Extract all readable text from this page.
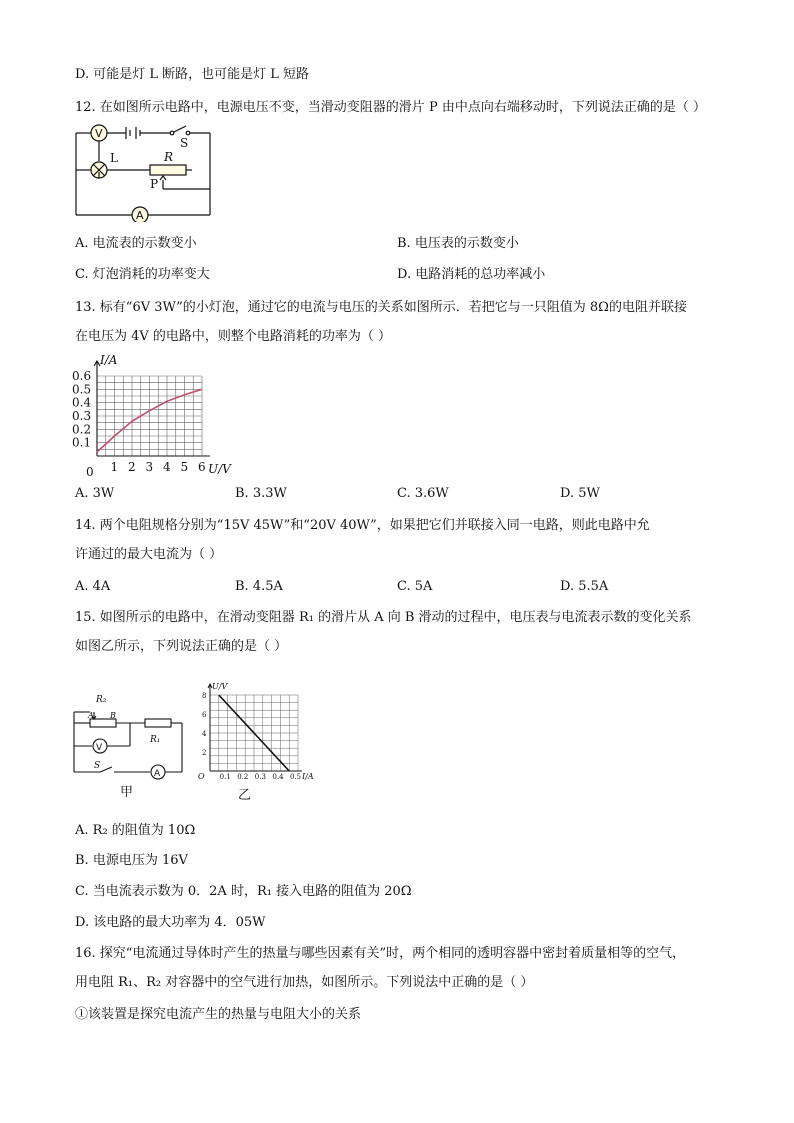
D. 可能是灯 L 断路，也可能是灯 L 短路
12. 在如图所示电路中，电源电压不变，当滑动变阻器的滑片 P 由中点向右端移动时，下列说法正确的是（ ）
V
L
S
R
P
A
A. 电流表的示数变小	B. 电压表的示数变小
C. 灯泡消耗的功率变大	D. 电路消耗的总功率减小
13. 标有“6V 3W”的小灯泡，通过它的电流与电压的关系如图所示．若把它与一只阻值为 8Ω的电阻并联接
在电压为 4V 的电路中，则整个电路消耗的功率为（ ）
1 2 3 4 5 6
0.1
0.2
0.3
0.4
0.5
0.6
0
I/A
U/V
A. 3W	B. 3.3W	C. 3.6W	D. 5W
14. 两个电阻规格分别为“15V 45W”和“20V 40W”，如果把它们并联接入同一电路，则此电路中允
许通过的最大电流为（ ）
A. 4A	B. 4.5A	C. 5A	D. 5.5A
15. 如图所示的电路中，在滑动变阻器 R₁ 的滑片从 A 向 B 滑动的过程中，电压表与电流表示数的变化关系
如图乙所示，下列说法正确的是（ ）
R₂
A B
R₁
V
S
A
甲
0.1 0.2 0.3 0.4 0.5
2
4
6
8
O
U/V
I/A
乙
A. R₂ 的阻值为 10Ω
B. 电源电压为 16V
C. 当电流表示数为 0．2A 时，R₁ 接入电路的阻值为 20Ω
D. 该电路的最大功率为 4．05W
16. 探究“电流通过导体时产生的热量与哪些因素有关”时，两个相同的透明容器中密封着质量相等的空气，
用电阻 R₁、R₂ 对容器中的空气进行加热，如图所示。下列说法中正确的是（ ）
①该装置是探究电流产生的热量与电阻大小的关系
